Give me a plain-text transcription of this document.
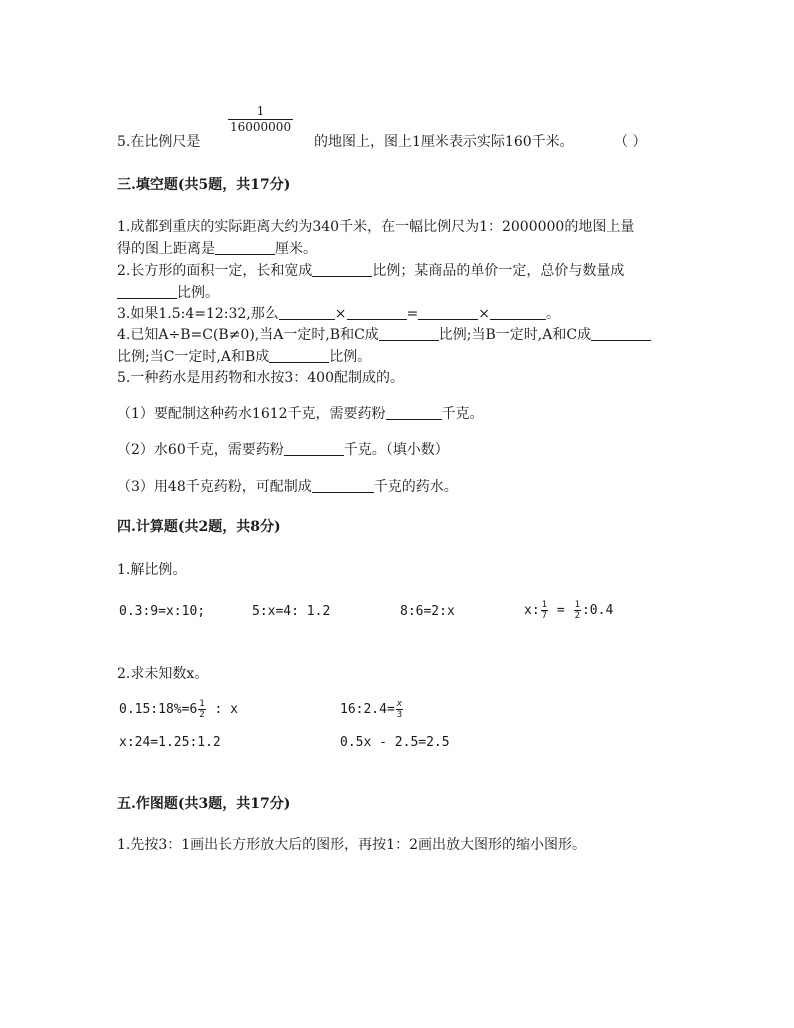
$\frac{1}{16000000}$
5.在比例尺是	的地图上，图上1厘米表示实际160千米。	（ ）
三.填空题(共5题，共17分)
1.成都到重庆的实际距离大约为340千米，在一幅比例尺为1：2000000的地图上量
得的图上距离是	厘米。
2.长方形的面积一定，长和宽成	比例；某商品的单价一定，总价与数量成
比例。
3.如果1.5:4=12:32,那么	×	=	×	。
4.已知A÷B=C(B≠0),当A一定时,B和C成	比例;当B一定时,A和C成
比例;当C一定时,A和B成	比例。
5.一种药水是用药物和水按3：400配制成的。
（1）要配制这种药水1612千克，需要药粉	千克。
（2）水60千克，需要药粉	千克。（填小数）
（3）用48千克药粉，可配制成	千克的药水。
四.计算题(共2题，共8分)
1.解比例。
0.3:9=x:10;	5:x=4: 1.2	8:6=2:x	x: $\frac{1}{7} = \frac{1}{2}$ :0.4
2.求未知数x。
0.15:18%=6 $\frac{1}{2}$ : x	16:2.4= $\frac{x}{3}$
x:24=1.25:1.2	0.5x - 2.5=2.5
五.作图题(共3题，共17分)
1.先按3：1画出长方形放大后的图形，再按1：2画出放大图形的缩小图形。
